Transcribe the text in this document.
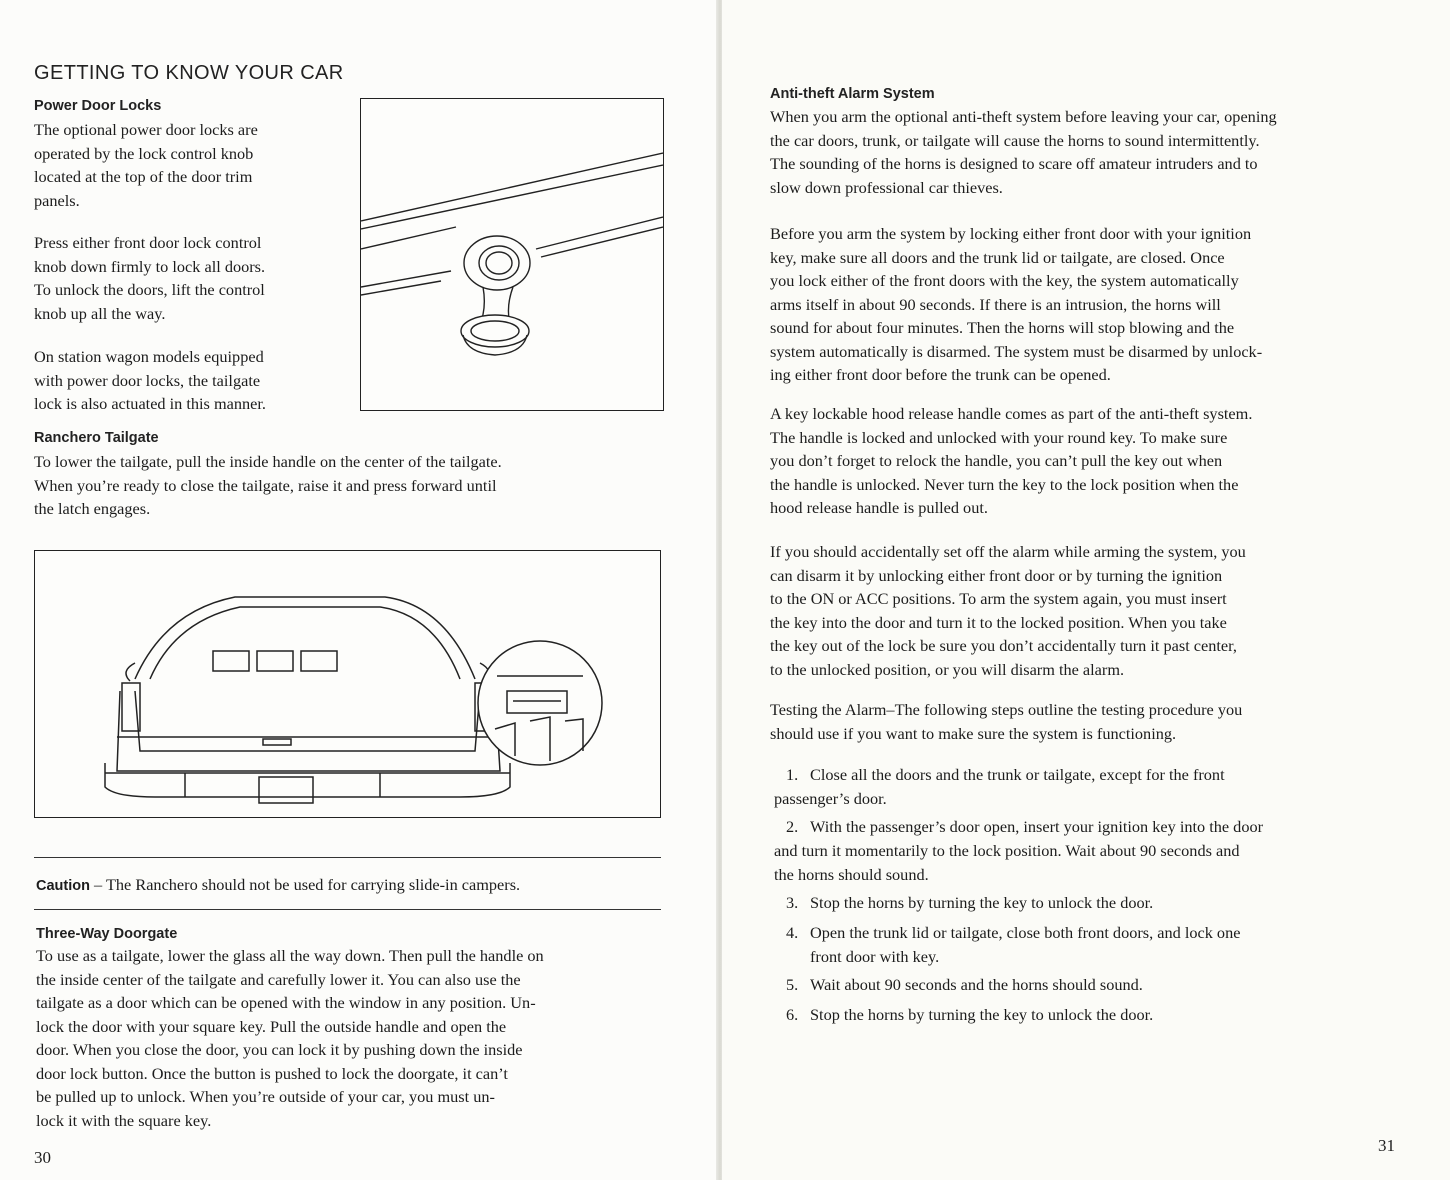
GETTING TO KNOW YOUR CAR
Power Door Locks
The optional power door locks are
operated by the lock control knob
located at the top of the door trim
panels.
Press either front door lock control
knob down firmly to lock all doors.
To unlock the doors, lift the control
knob up all the way.
On station wagon models equipped
with power door locks, the tailgate
lock is also actuated in this manner.
Ranchero Tailgate
To lower the tailgate, pull the inside handle on the center of the tailgate.
When you’re ready to close the tailgate, raise it and press forward until
the latch engages.
Caution – The Ranchero should not be used for carrying slide-in campers.
Three-Way Doorgate
To use as a tailgate, lower the glass all the way down. Then pull the handle on
the inside center of the tailgate and carefully lower it. You can also use the
tailgate as a door which can be opened with the window in any position. Un-
lock the door with your square key. Pull the outside handle and open the
door. When you close the door, you can lock it by pushing down the inside
door lock button. Once the button is pushed to lock the doorgate, it can’t
be pulled up to unlock. When you’re outside of your car, you must un-
lock it with the square key.
30
Anti-theft Alarm System
When you arm the optional anti-theft system before leaving your car, opening
the car doors, trunk, or tailgate will cause the horns to sound intermittently.
The sounding of the horns is designed to scare off amateur intruders and to
slow down professional car thieves.
Before you arm the system by locking either front door with your ignition
key, make sure all doors and the trunk lid or tailgate, are closed. Once
you lock either of the front doors with the key, the system automatically
arms itself in about 90 seconds. If there is an intrusion, the horns will
sound for about four minutes. Then the horns will stop blowing and the
system automatically is disarmed. The system must be disarmed by unlock-
ing either front door before the trunk can be opened.
A key lockable hood release handle comes as part of the anti-theft system.
The handle is locked and unlocked with your round key. To make sure
you don’t forget to relock the handle, you can’t pull the key out when
the handle is unlocked. Never turn the key to the lock position when the
hood release handle is pulled out.
If you should accidentally set off the alarm while arming the system, you
can disarm it by unlocking either front door or by turning the ignition
to the ON or ACC positions. To arm the system again, you must insert
the key into the door and turn it to the locked position. When you take
the key out of the lock be sure you don’t accidentally turn it past center,
to the unlocked position, or you will disarm the alarm.
Testing the Alarm–The following steps outline the testing procedure you
should use if you want to make sure the system is functioning.
1. Close all the doors and the trunk or tailgate, except for the front
passenger’s door.
2. With the passenger’s door open, insert your ignition key into the door
and turn it momentarily to the lock position. Wait about 90 seconds and
the horns should sound.
3. Stop the horns by turning the key to unlock the door.
4. Open the trunk lid or tailgate, close both front doors, and lock one
front door with key.
5. Wait about 90 seconds and the horns should sound.
6. Stop the horns by turning the key to unlock the door.
31
